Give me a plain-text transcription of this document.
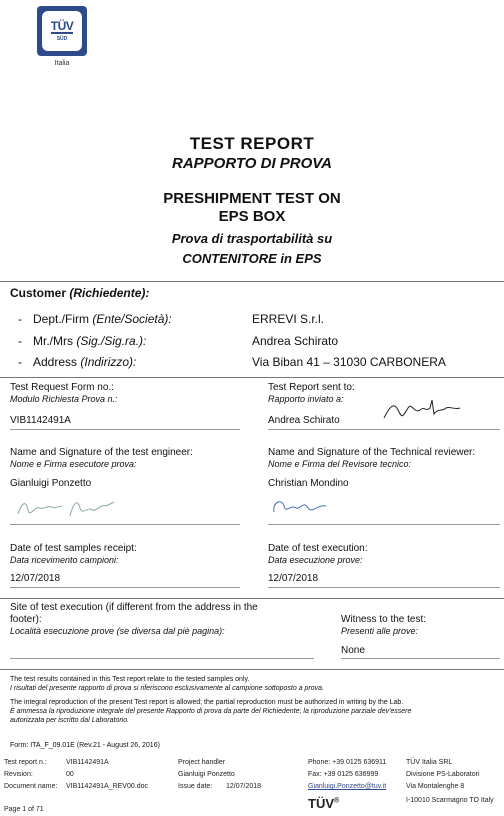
TÜV
SÜD
Italia
TEST REPORT
RAPPORTO DI PROVA
PRESHIPMENT TEST ON
EPS BOX
Prova di trasportabilità su
CONTENITORE in EPS
Customer (Richiedente):
- Dept./Firm (Ente/Società):	ERREVI S.r.l.
- Mr./Mrs (Sig./Sig.ra.):	Andrea Schirato
- Address (Indirizzo):	Via Biban 41 – 31030 CARBONERA
Test Request Form no.:
Modulo Richiesta Prova n.:
VIB1142491A
Test Report sent to:
Rapporto inviato a:
Andrea Schirato
Name and Signature of the test engineer:
Nome e Firma esecutore prova:
Gianluigi Ponzetto
Name and Signature of the Technical reviewer:
Nome e Firma del Revisore tecnico:
Christian Mondino
Date of test samples receipt:
Data ricevimento campioni:
12/07/2018
Date of test execution:
Data esecuzione prove:
12/07/2018
Site of test execution (if different from the address in the
footer):
Località esecuzione prove (se diversa dal piè pagina):
Witness to the test:
Presenti alle prove:
None
The test results contained in this Test report relate to the tested samples only.
I risultati del presente rapporto di prova si riferiscono esclusivamente al campione sottoposto a prova.
The integral reproduction of the present Test report is allowed; the partial reproduction must be authorized in writing by the Lab.
È ammessa la riproduzione integrale del presente Rapporto di prova da parte del Richiedente; la riproduzione parziale dev'essere
autorizzata per iscritto dal Laboratorio.
Form: ITA_F_09.01E (Rev.21 - August 26, 2016)
Test report n.:	VIB1142491A
Revision:	00
Document name: VIB1142491A_REV00.doc
Page 1 of 71
Project handler
Gianluigi Ponzetto
Issue date: 12/07/2018
Phone: +39 0125 636911
Fax: +39 0125 636999
Gianluigi.Ponzetto@tuv.it
TÜV®
TÜV Italia SRL
Divisione PS-Laboratori
Via Montalenghe 8
I-10010 Scarmagno TO Italy
